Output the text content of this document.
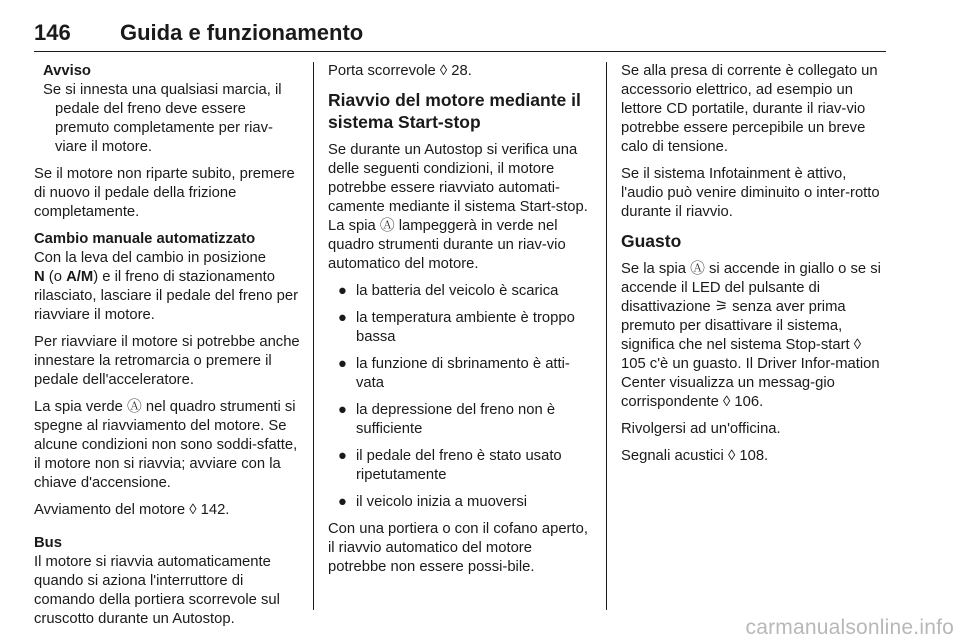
146 Guida e funzionamento
Avviso
Se si innesta una qualsiasi marcia, il
pedale del freno deve essere
premuto completamente per riav‐
viare il motore.

Se il motore non riparte subito, premere di nuovo il pedale della frizione completamente.

Cambio manuale automatizzato

Con la leva del cambio in posizione
N (o A/M) e il freno di stazionamento rilasciato, lasciare il pedale del freno per riavviare il motore.

Per riavviare il motore si potrebbe anche innestare la retromarcia o premere il pedale dell'acceleratore.

La spia verde Ⓐ nel quadro strumenti si spegne al riavviamento del motore. Se alcune condizioni non sono soddi‐sfatte, il motore non si riavvia; avviare con la chiave d'accensione.

Avviamento del motore ◊ 142.

Bus

Il motore si riavvia automaticamente quando si aziona l'interruttore di comando della portiera scorrevole sul cruscotto durante un Autostop.

Porta scorrevole ◊ 28.

Riavvio del motore mediante il sistema Start-stop

Se durante un Autostop si verifica una delle seguenti condizioni, il motore potrebbe essere riavviato automati‐camente mediante il sistema Start-stop. La spia Ⓐ lampeggerà in verde nel quadro strumenti durante un riav‐vio automatico del motore.

● la batteria del veicolo è scarica
● la temperatura ambiente è troppo bassa
● la funzione di sbrinamento è atti‐vata
● la depressione del freno non è sufficiente
● il pedale del freno è stato usato ripetutamente
● il veicolo inizia a muoversi

Con una portiera o con il cofano aperto, il riavvio automatico del motore potrebbe non essere possi‐bile.

Se alla presa di corrente è collegato un accessorio elettrico, ad esempio un lettore CD portatile, durante il riav‐vio potrebbe essere percepibile un breve calo di tensione.

Se il sistema Infotainment è attivo, l'audio può venire diminuito o inter‐rotto durante il riavvio.

Guasto

Se la spia Ⓐ si accende in giallo o se si accende il LED del pulsante di disattivazione ⚞ senza aver prima premuto per disattivare il sistema, significa che nel sistema Stop-start ◊ 105 c'è un guasto. Il Driver Infor‐mation Center visualizza un messag‐gio corrispondente ◊ 106.

Rivolgersi ad un'officina.

Segnali acustici ◊ 108.

carmanualsonline.info
